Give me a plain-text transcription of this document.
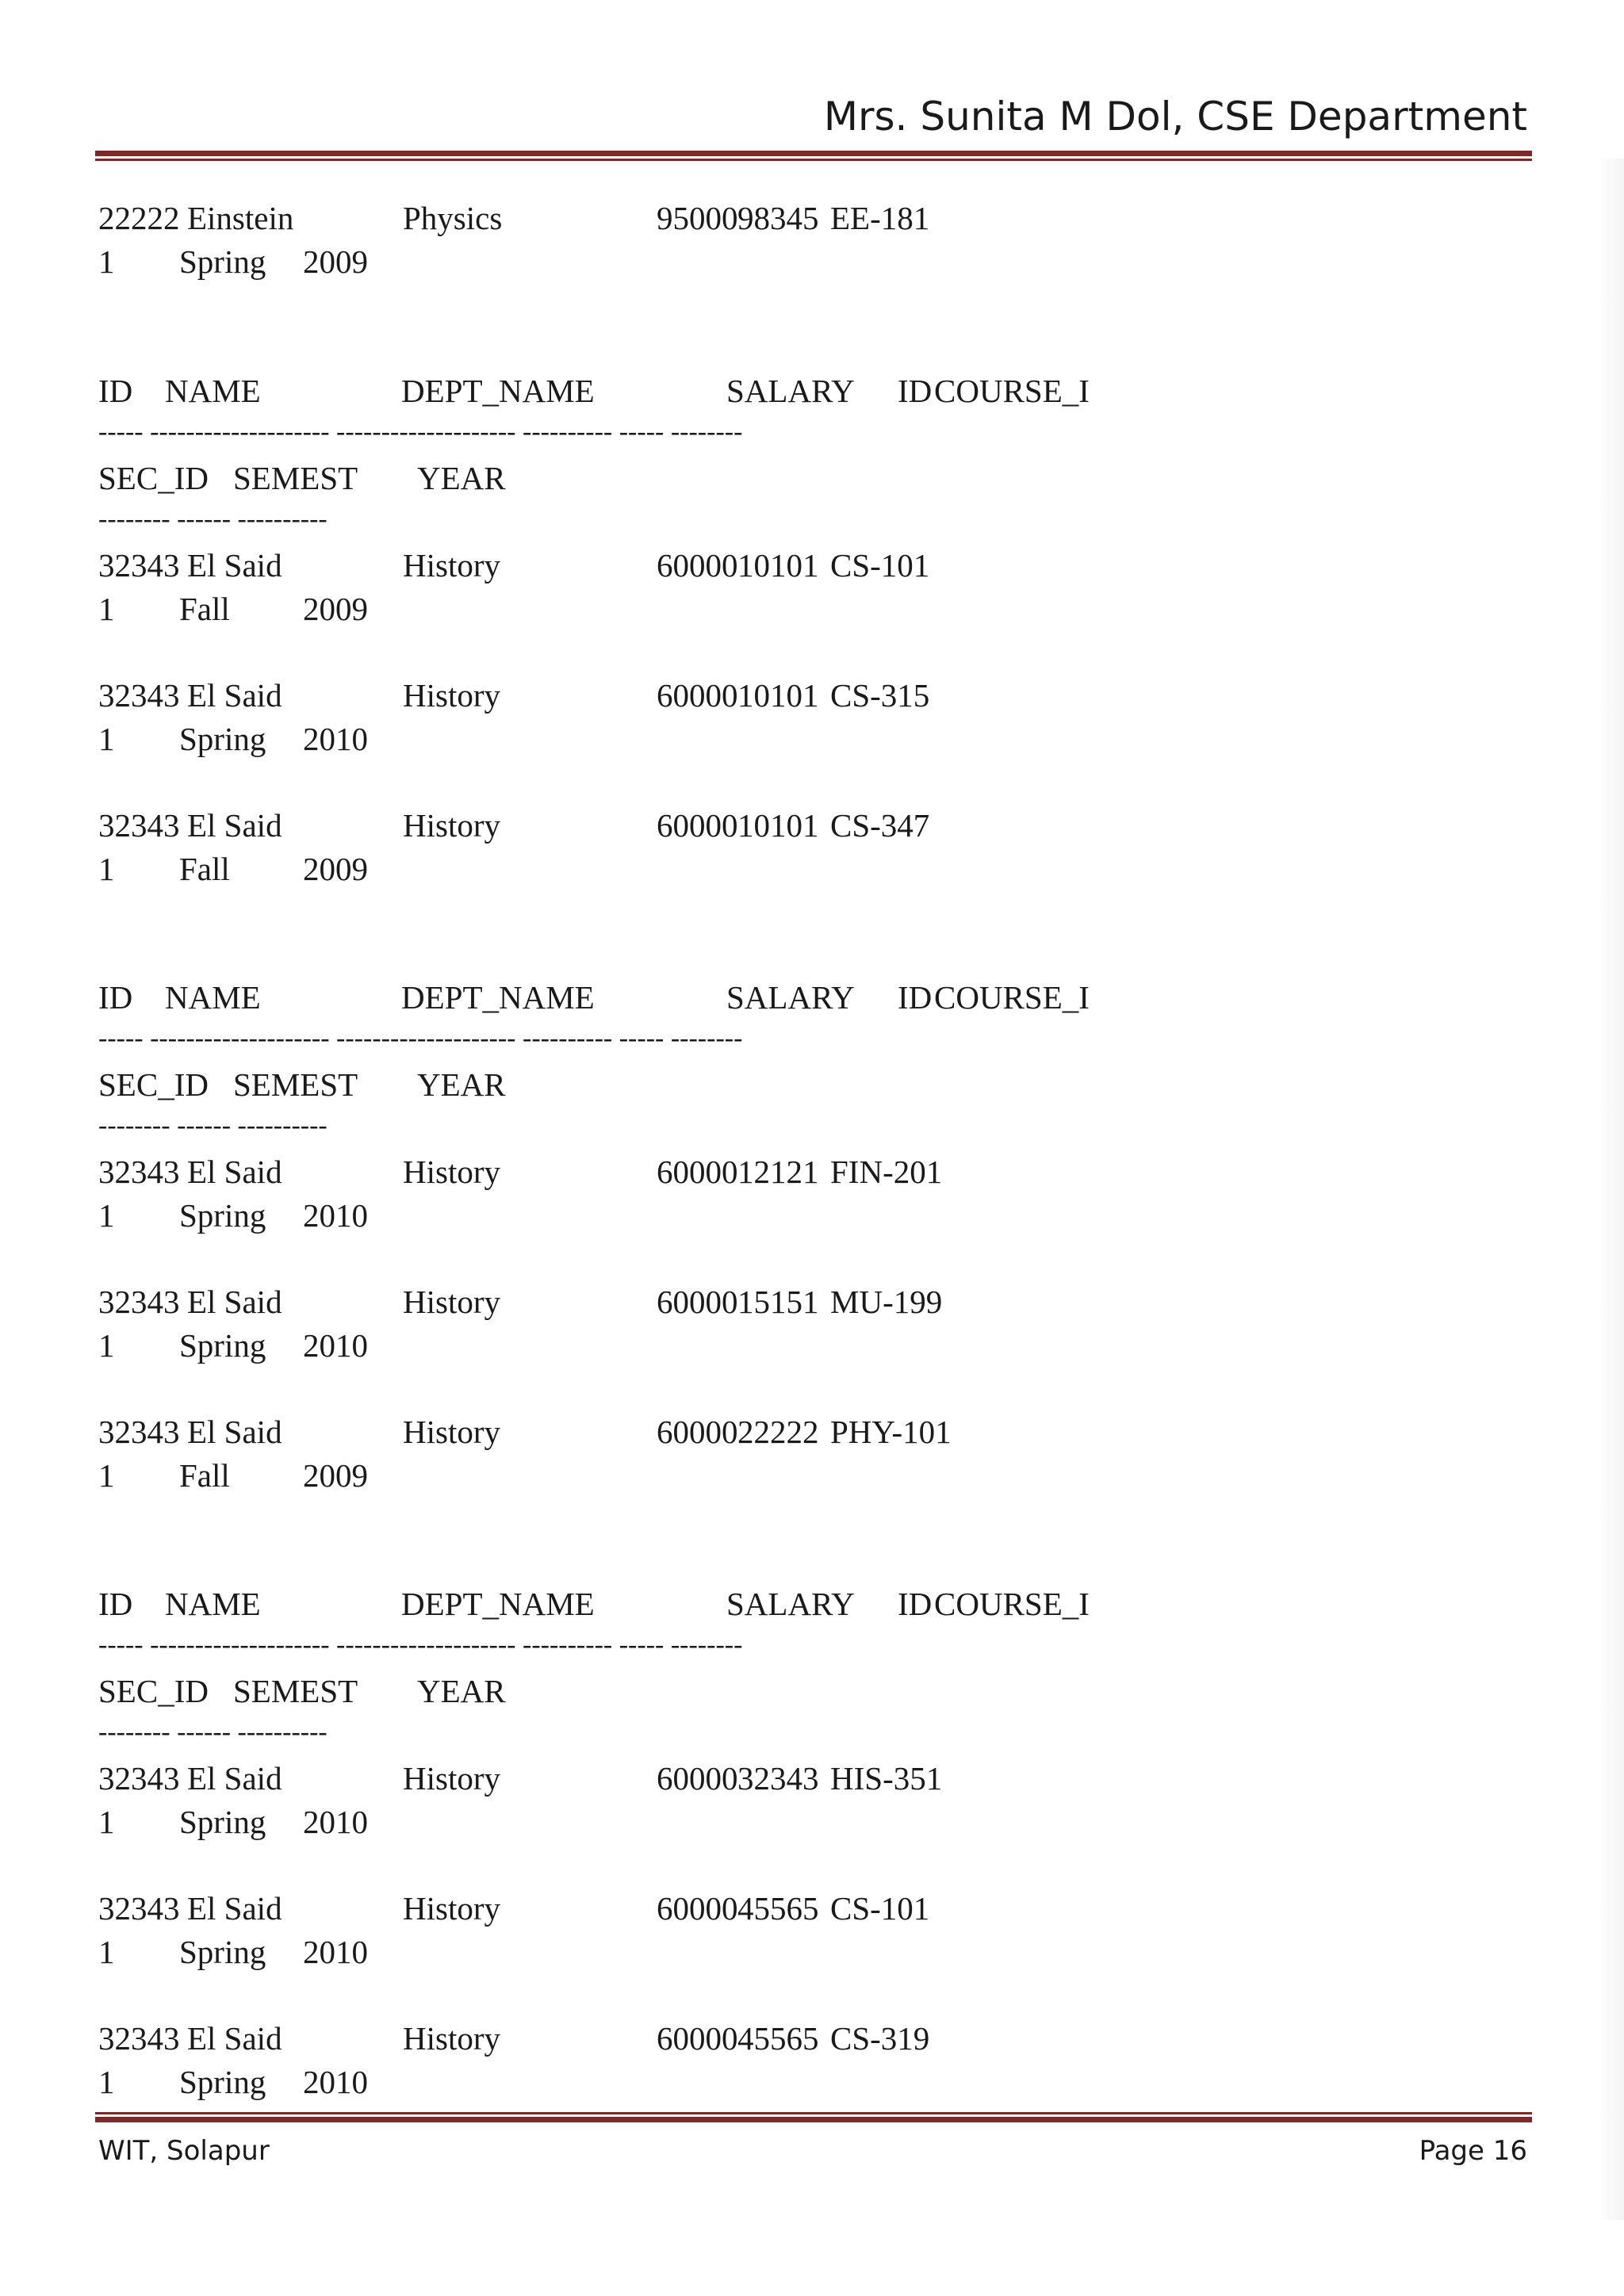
Mrs. Sunita M Dol, CSE Department
22222 Einstein	Physics	95000 98345 EE-181
1 Spring 2009
ID NAME	DEPT_NAME	SALARY ID COURSE_I
----- -------------------- -------------------- ---------- ----- --------
SEC_ID SEMEST YEAR
-------- ------ ----------
32343 El Said	History	60000 10101 CS-101
1 Fall 2009
32343 El Said	History	60000 10101 CS-315
1 Spring 2010
32343 El Said	History	60000 10101 CS-347
1 Fall 2009
ID NAME	DEPT_NAME	SALARY ID COURSE_I
----- -------------------- -------------------- ---------- ----- --------
SEC_ID SEMEST YEAR
-------- ------ ----------
32343 El Said	History	60000 12121 FIN-201
1 Spring 2010
32343 El Said	History	60000 15151 MU-199
1 Spring 2010
32343 El Said	History	60000 22222 PHY-101
1 Fall 2009
ID NAME	DEPT_NAME	SALARY ID COURSE_I
----- -------------------- -------------------- ---------- ----- --------
SEC_ID SEMEST YEAR
-------- ------ ----------
32343 El Said	History	60000 32343 HIS-351
1 Spring 2010
32343 El Said	History	60000 45565 CS-101
1 Spring 2010
32343 El Said	History	60000 45565 CS-319
1 Spring 2010
WIT, Solapur	Page 16
